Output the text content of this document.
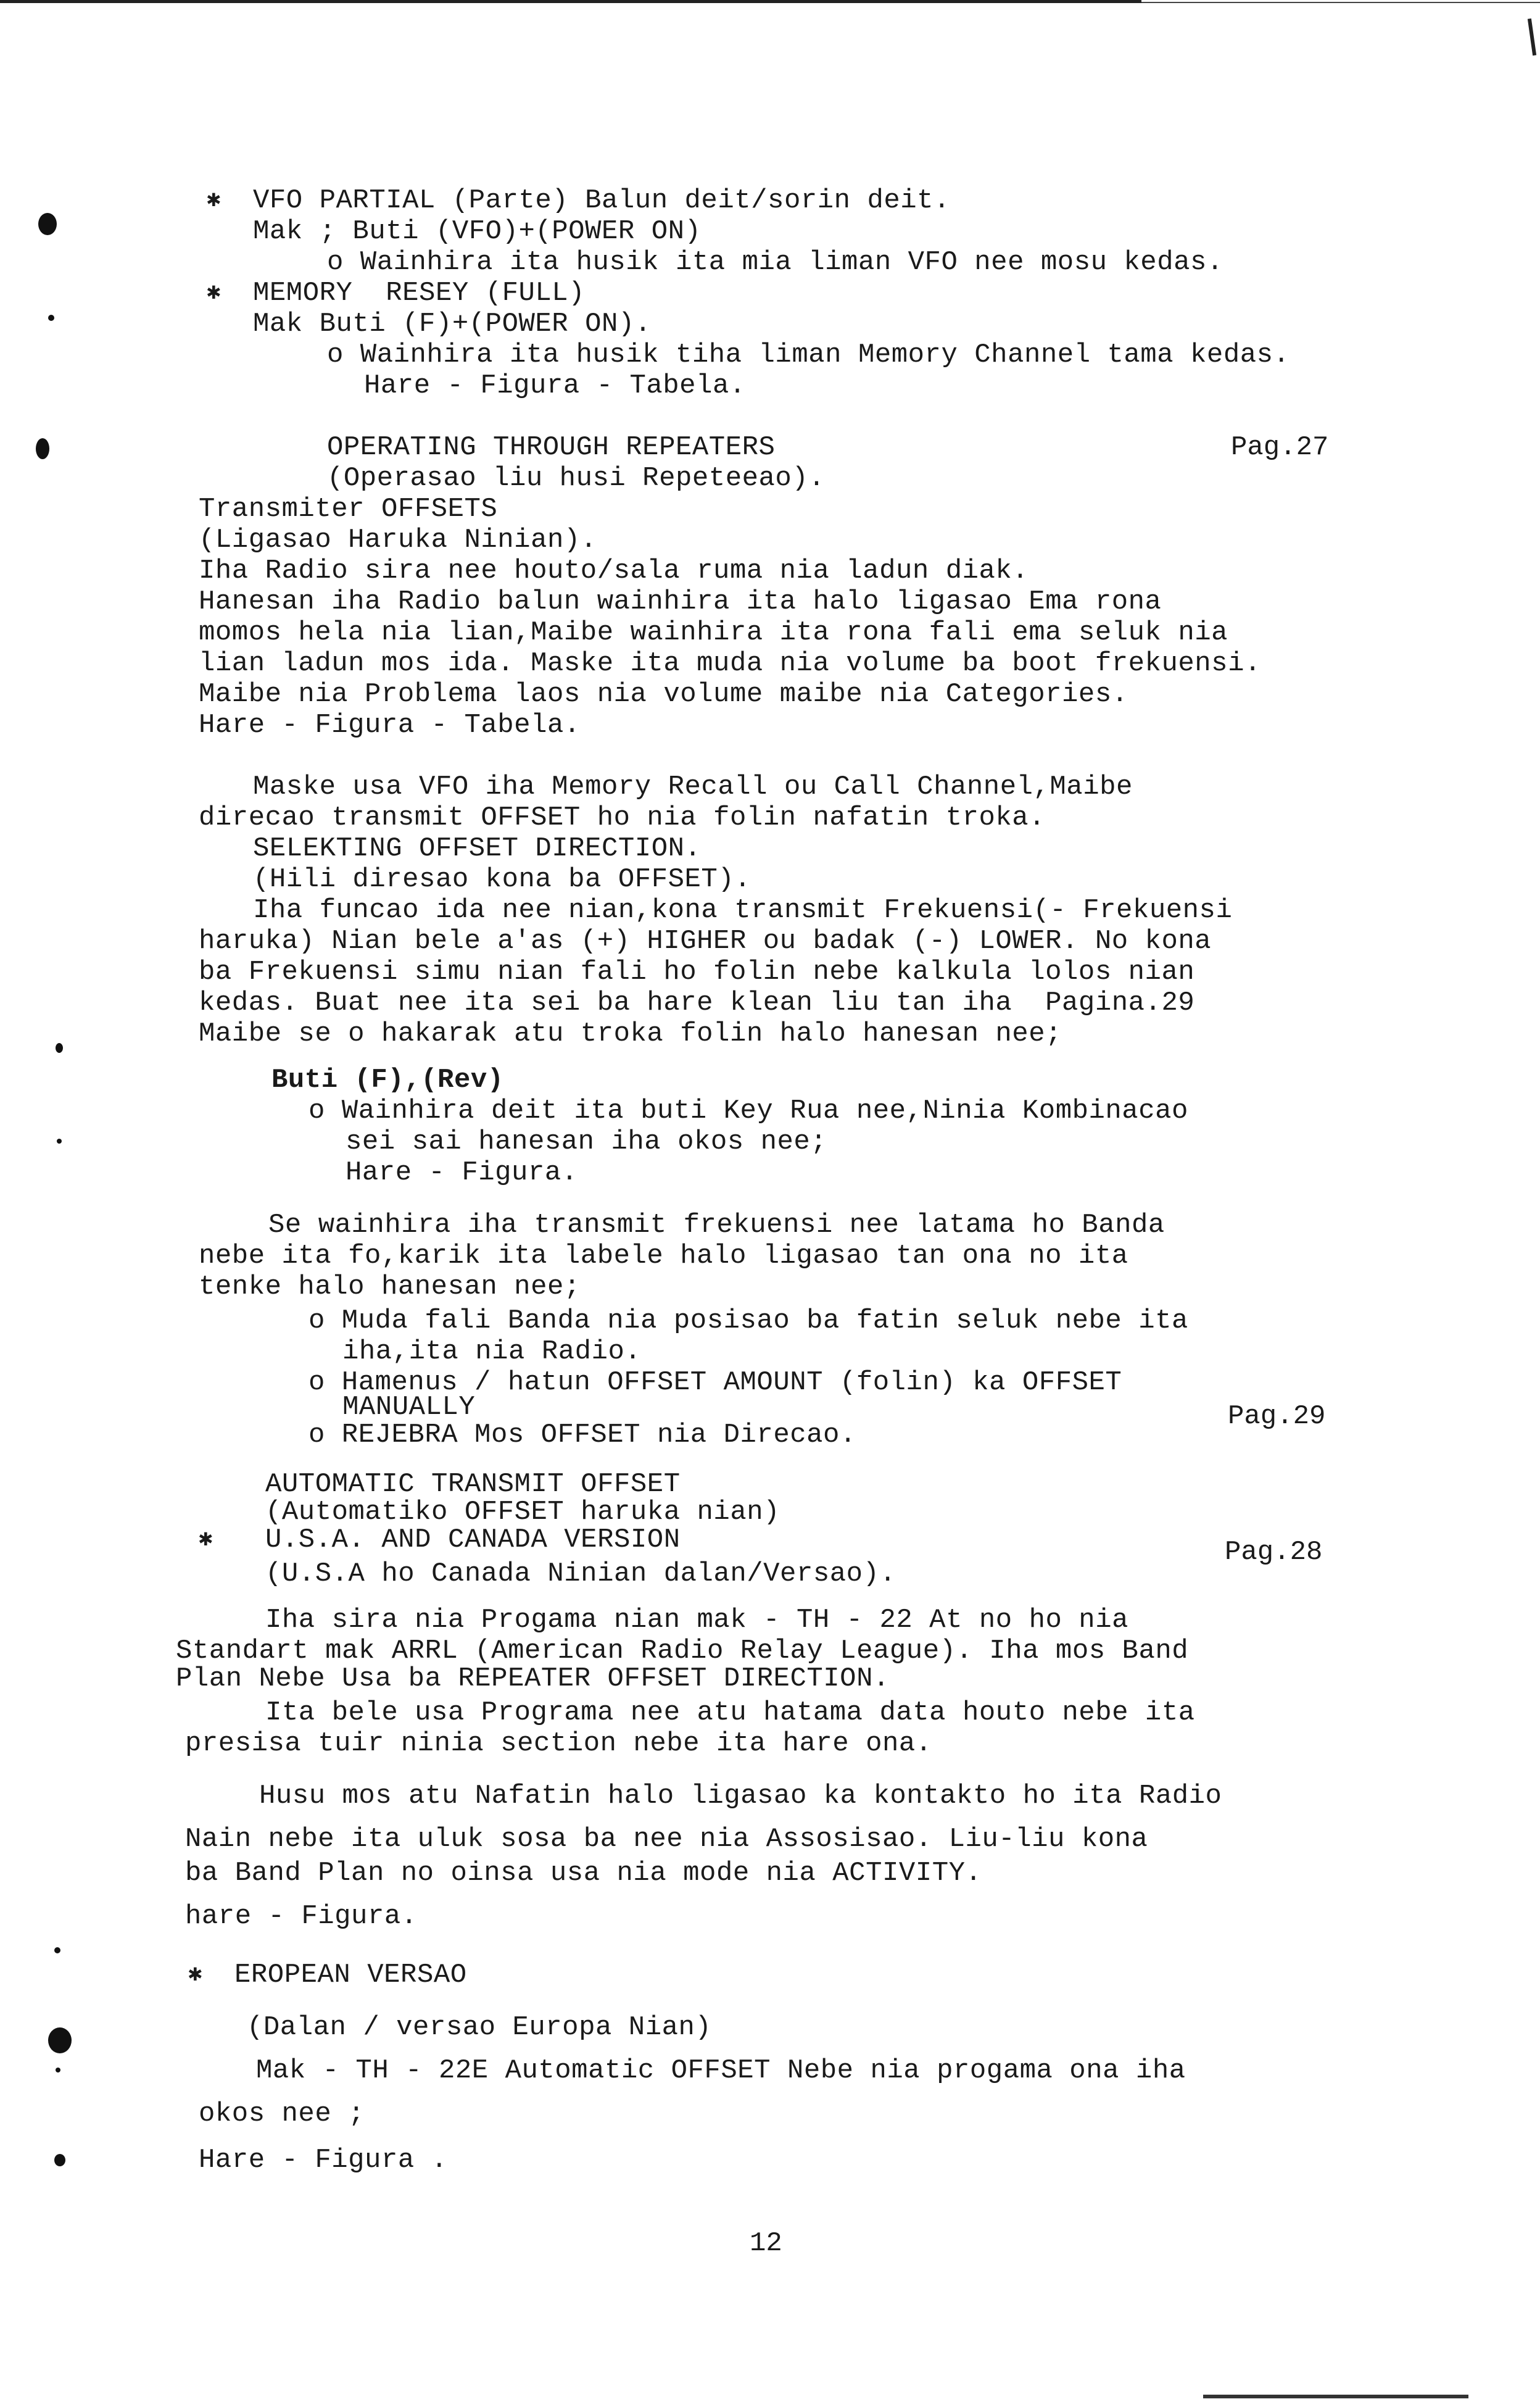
✱
✱
✱
✱
VFO PARTIAL (Parte) Balun deit/sorin deit.
Mak ; Buti (VFO)+(POWER ON)
o Wainhira ita husik ita mia liman VFO nee mosu kedas.
MEMORY  RESEY (FULL)
Mak Buti (F)+(POWER ON).
o Wainhira ita husik tiha liman Memory Channel tama kedas.
Hare - Figura - Tabela.
OPERATING THROUGH REPEATERS	Pag.27
(Operasao liu husi Repeteeao).
Transmiter OFFSETS
(Ligasao Haruka Ninian).
Iha Radio sira nee houto/sala ruma nia ladun diak.
Hanesan iha Radio balun wainhira ita halo ligasao Ema rona
momos hela nia lian,Maibe wainhira ita rona fali ema seluk nia
lian ladun mos ida. Maske ita muda nia volume ba boot frekuensi.
Maibe nia Problema laos nia volume maibe nia Categories.
Hare - Figura - Tabela.
Maske usa VFO iha Memory Recall ou Call Channel,Maibe
direcao transmit OFFSET ho nia folin nafatin troka.
SELEKTING OFFSET DIRECTION.
(Hili diresao kona ba OFFSET).
Iha funcao ida nee nian,kona transmit Frekuensi(- Frekuensi
haruka) Nian bele a'as (+) HIGHER ou badak (-) LOWER. No kona
ba Frekuensi simu nian fali ho folin nebe kalkula lolos nian
kedas. Buat nee ita sei ba hare klean liu tan iha  Pagina.29
Maibe se o hakarak atu troka folin halo hanesan nee;
Buti (F),(Rev)
o Wainhira deit ita buti Key Rua nee,Ninia Kombinacao
sei sai hanesan iha okos nee;
Hare - Figura.
Se wainhira iha transmit frekuensi nee latama ho Banda
nebe ita fo,karik ita labele halo ligasao tan ona no ita
tenke halo hanesan nee;
o Muda fali Banda nia posisao ba fatin seluk nebe ita
iha,ita nia Radio.
o Hamenus / hatun OFFSET AMOUNT (folin) ka OFFSET
MANUALLY	Pag.29
o REJEBRA Mos OFFSET nia Direcao.
AUTOMATIC TRANSMIT OFFSET
(Automatiko OFFSET haruka nian)
U.S.A. AND CANADA VERSION	Pag.28
(U.S.A ho Canada Ninian dalan/Versao).
Iha sira nia Progama nian mak - TH - 22 At no ho nia
Standart mak ARRL (American Radio Relay League). Iha mos Band
Plan Nebe Usa ba REPEATER OFFSET DIRECTION.
Ita bele usa Programa nee atu hatama data houto nebe ita
presisa tuir ninia section nebe ita hare ona.
Husu mos atu Nafatin halo ligasao ka kontakto ho ita Radio
Nain nebe ita uluk sosa ba nee nia Assosisao. Liu-liu kona
ba Band Plan no oinsa usa nia mode nia ACTIVITY.
hare - Figura.
EROPEAN VERSAO
(Dalan / versao Europa Nian)
Mak - TH - 22E Automatic OFFSET Nebe nia progama ona iha
okos nee ;
Hare - Figura .
12
